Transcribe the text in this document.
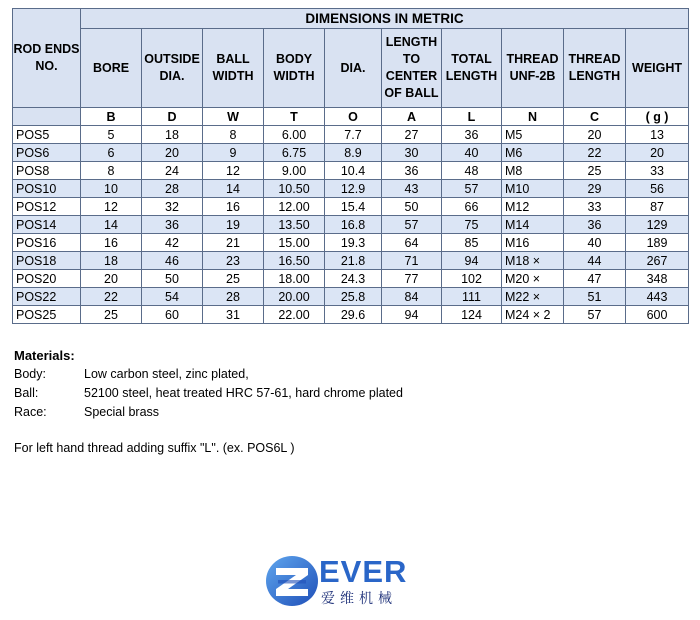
ROD ENDS NO.	DIMENSIONS IN METRIC									
	BORE	OUTSIDE DIA.	BALL WIDTH	BODY WIDTH	DIA.	LENGTH TO CENTER OF BALL	TOTAL LENGTH	THREAD UNF-2B	THREAD LENGTH	WEIGHT
	B	D	W	T	O	A	L	N	C	( g )
POS5	5	18	8	6.00	7.7	27	36	M5	20	13
POS6	6	20	9	6.75	8.9	30	40	M6	22	20
POS8	8	24	12	9.00	10.4	36	48	M8	25	33
POS10	10	28	14	10.50	12.9	43	57	M10	29	56
POS12	12	32	16	12.00	15.4	50	66	M12	33	87
POS14	14	36	19	13.50	16.8	57	75	M14	36	129
POS16	16	42	21	15.00	19.3	64	85	M16	40	189
POS18	18	46	23	16.50	21.8	71	94	M18 ×	44	267
POS20	20	50	25	18.00	24.3	77	102	M20 ×	47	348
POS22	22	54	28	20.00	25.8	84	111	M22 ×	51	443
POS25	25	60	31	22.00	29.6	94	124	M24 × 2	57	600
Materials:
Body:	Low carbon steel, zinc plated,
Ball:	52100 steel, heat treated HRC 57-61, hard chrome plated
Race:	Special brass
For left hand thread adding suffix "L". (ex. POS6L )
EVER
爱维机械
